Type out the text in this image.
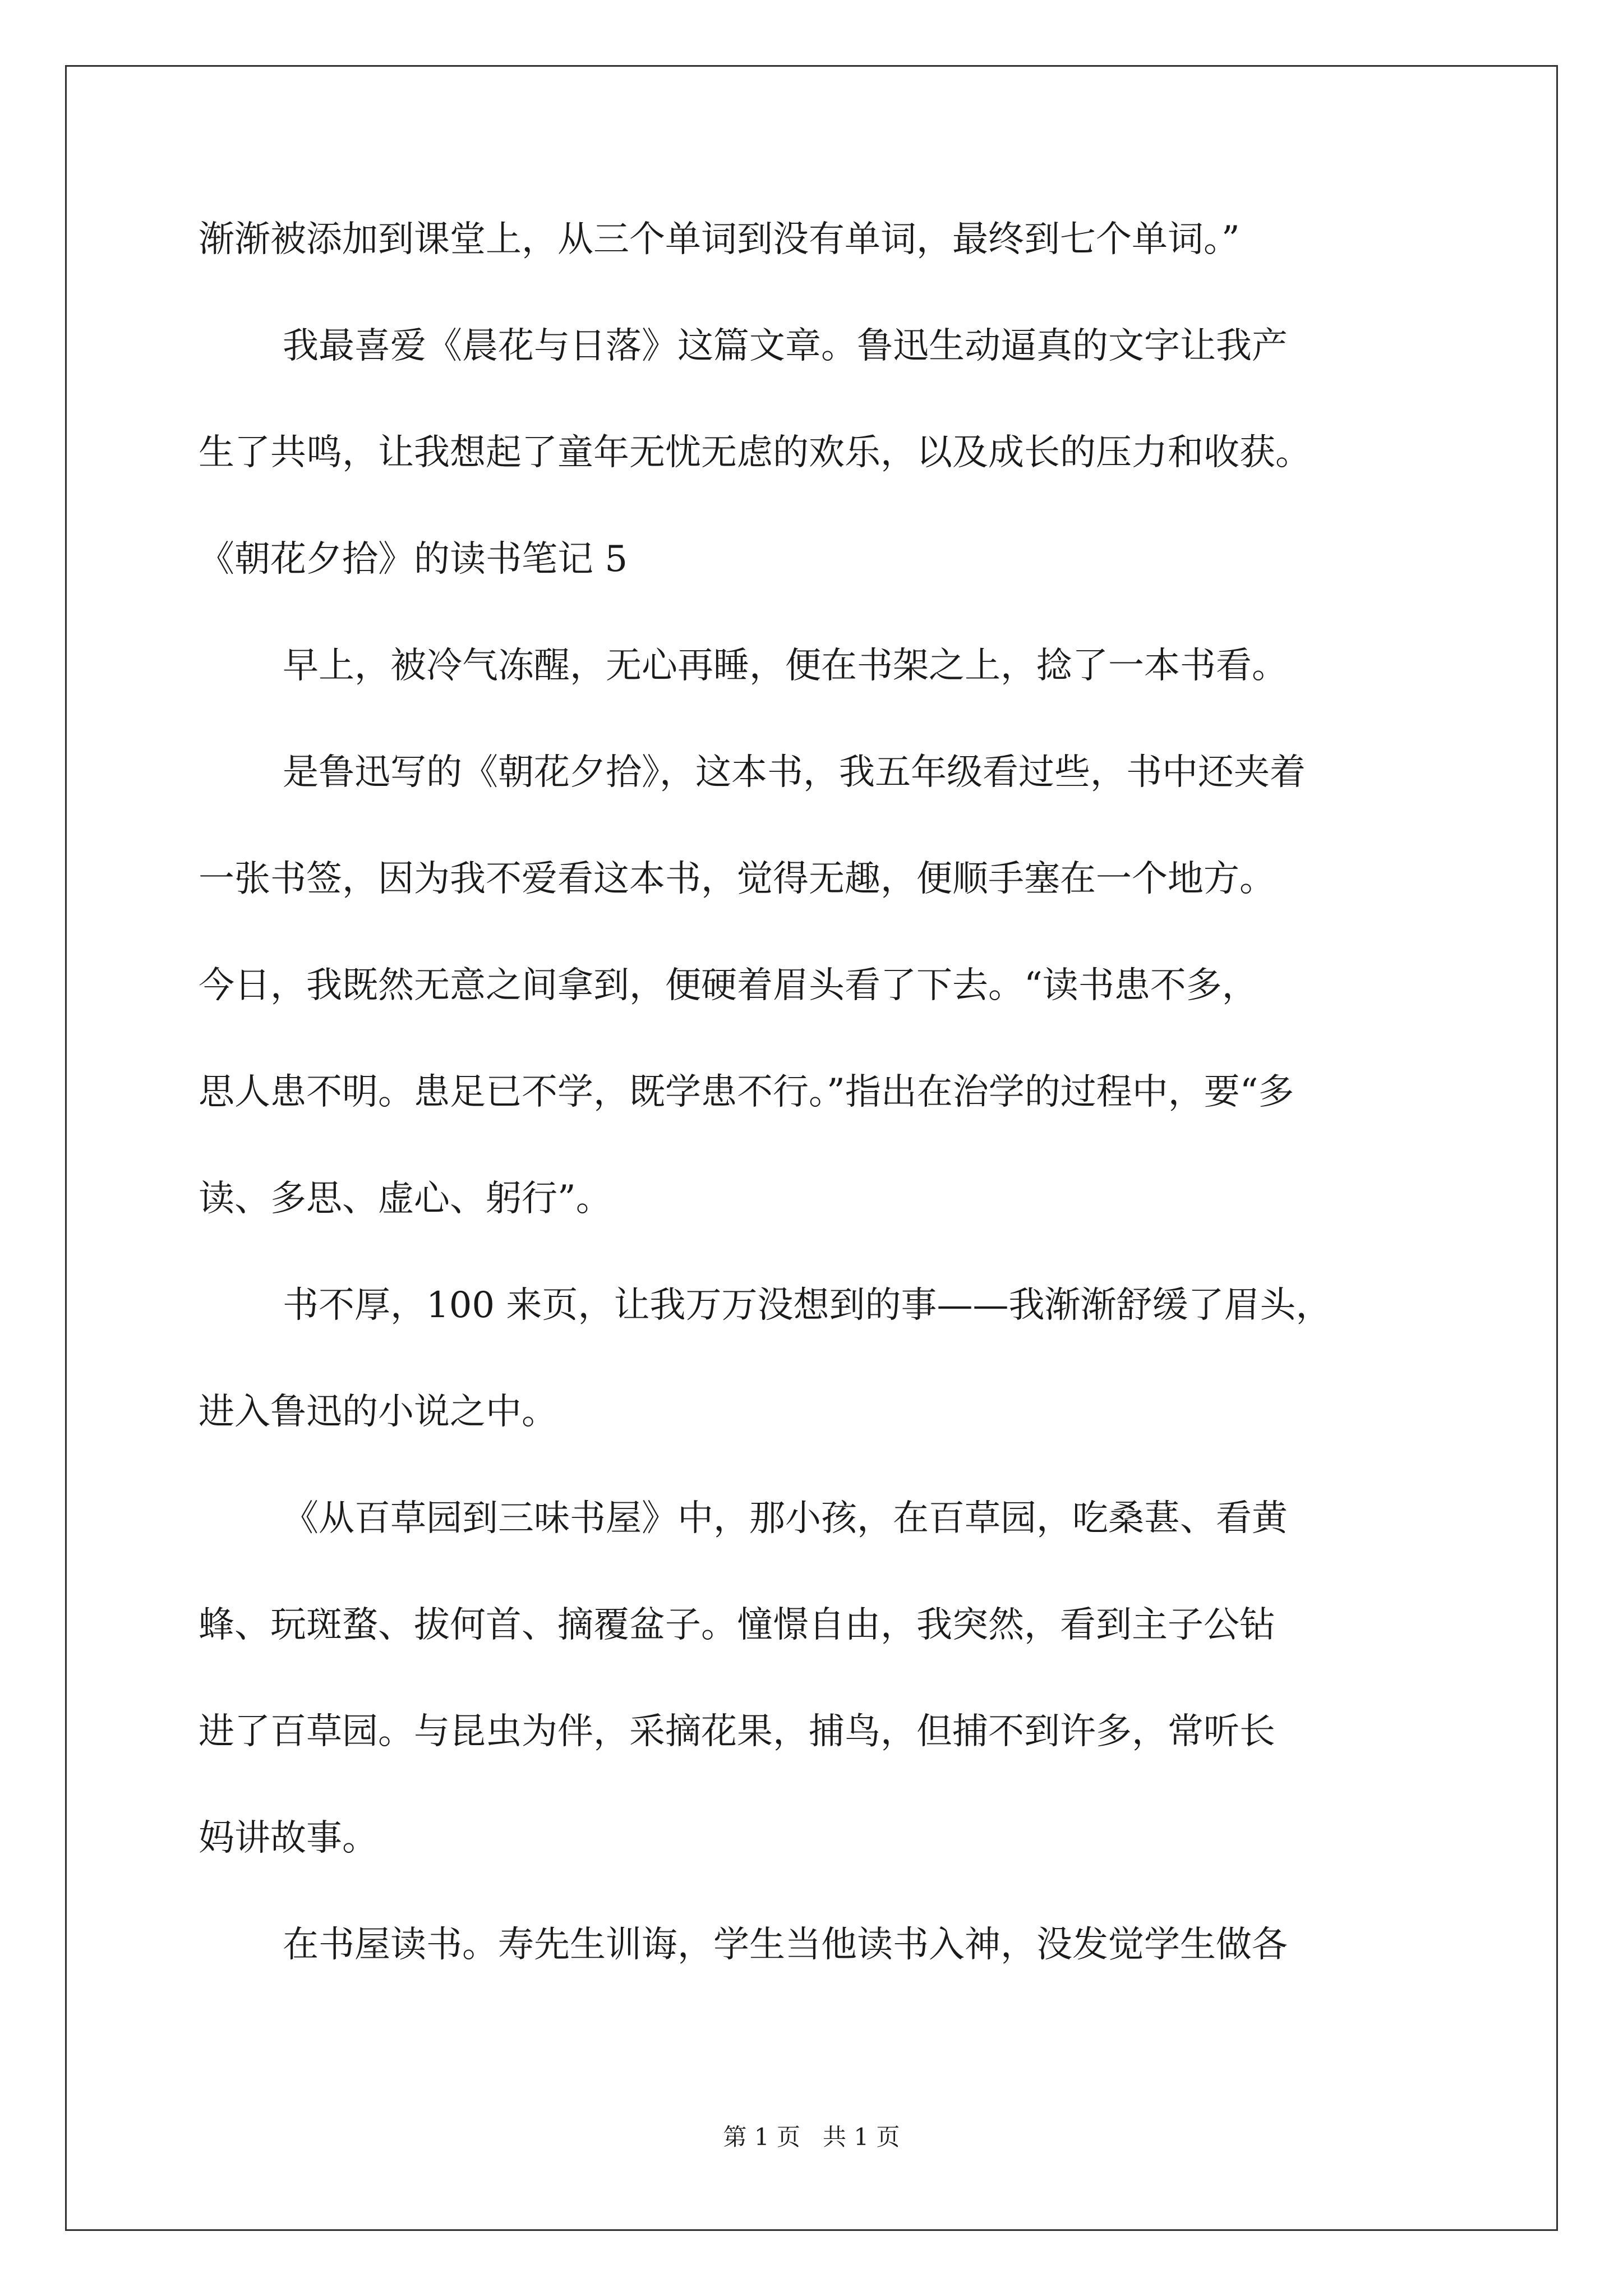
渐渐被添加到课堂上，从三个单词到没有单词，最终到七个单词。”
我最喜爱《晨花与日落》这篇文章。鲁迅生动逼真的文字让我产
生了共鸣，让我想起了童年无忧无虑的欢乐，以及成长的压力和收获。
《朝花夕拾》的读书笔记 5
早上，被冷气冻醒，无心再睡，便在书架之上，捻了一本书看。
是鲁迅写的《朝花夕拾》，这本书，我五年级看过些，书中还夹着
一张书签，因为我不爱看这本书，觉得无趣，便顺手塞在一个地方。
今日，我既然无意之间拿到，便硬着眉头看了下去。“读书患不多，
思人患不明。患足已不学，既学患不行。”指出在治学的过程中，要“多
读、多思、虚心、躬行”。
书不厚，100 来页，让我万万没想到的事——我渐渐舒缓了眉头，
进入鲁迅的小说之中。
《从百草园到三味书屋》中，那小孩，在百草园，吃桑葚、看黄
蜂、玩斑蝥、拔何首、摘覆盆子。憧憬自由，我突然，看到主子公钻
进了百草园。与昆虫为伴，采摘花果，捕鸟，但捕不到许多，常听长
妈讲故事。
在书屋读书。寿先生训诲，学生当他读书入神，没发觉学生做各
第 1 页   共 1 页
